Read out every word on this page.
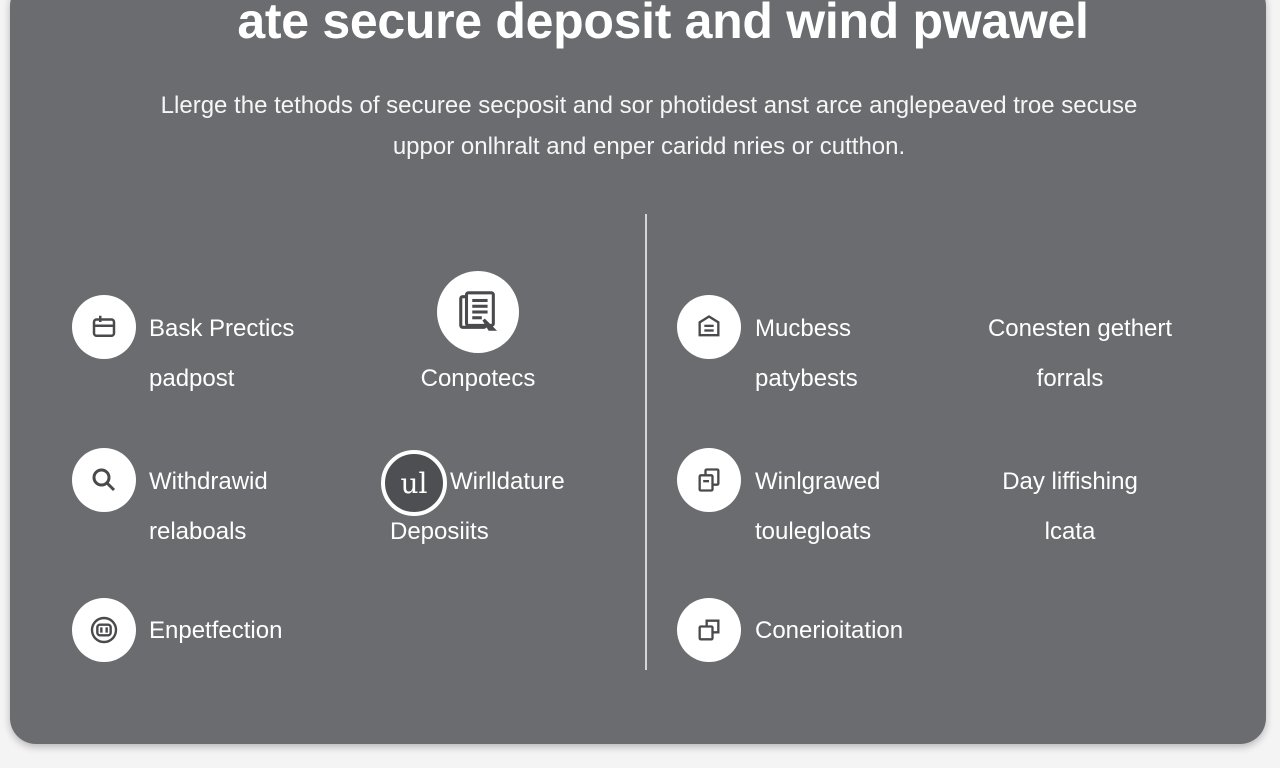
ate secure deposit and wind pwawel
Llerge the tethods of securee secposit and sor photidest anst arce anglepeaved troe secuse
uppor onlhralt and enper caridd nries or cutthon.
Bask Prectics
padpost	Conpotecs
Withdrawid
relaboals
ul Wirlldature
Deposiits
Enpetfection
Mucbess
patybests
Conesten gethert
forrals
Winlgrawed
toulegloats
Day liffishing
lcata
Conerioitation
